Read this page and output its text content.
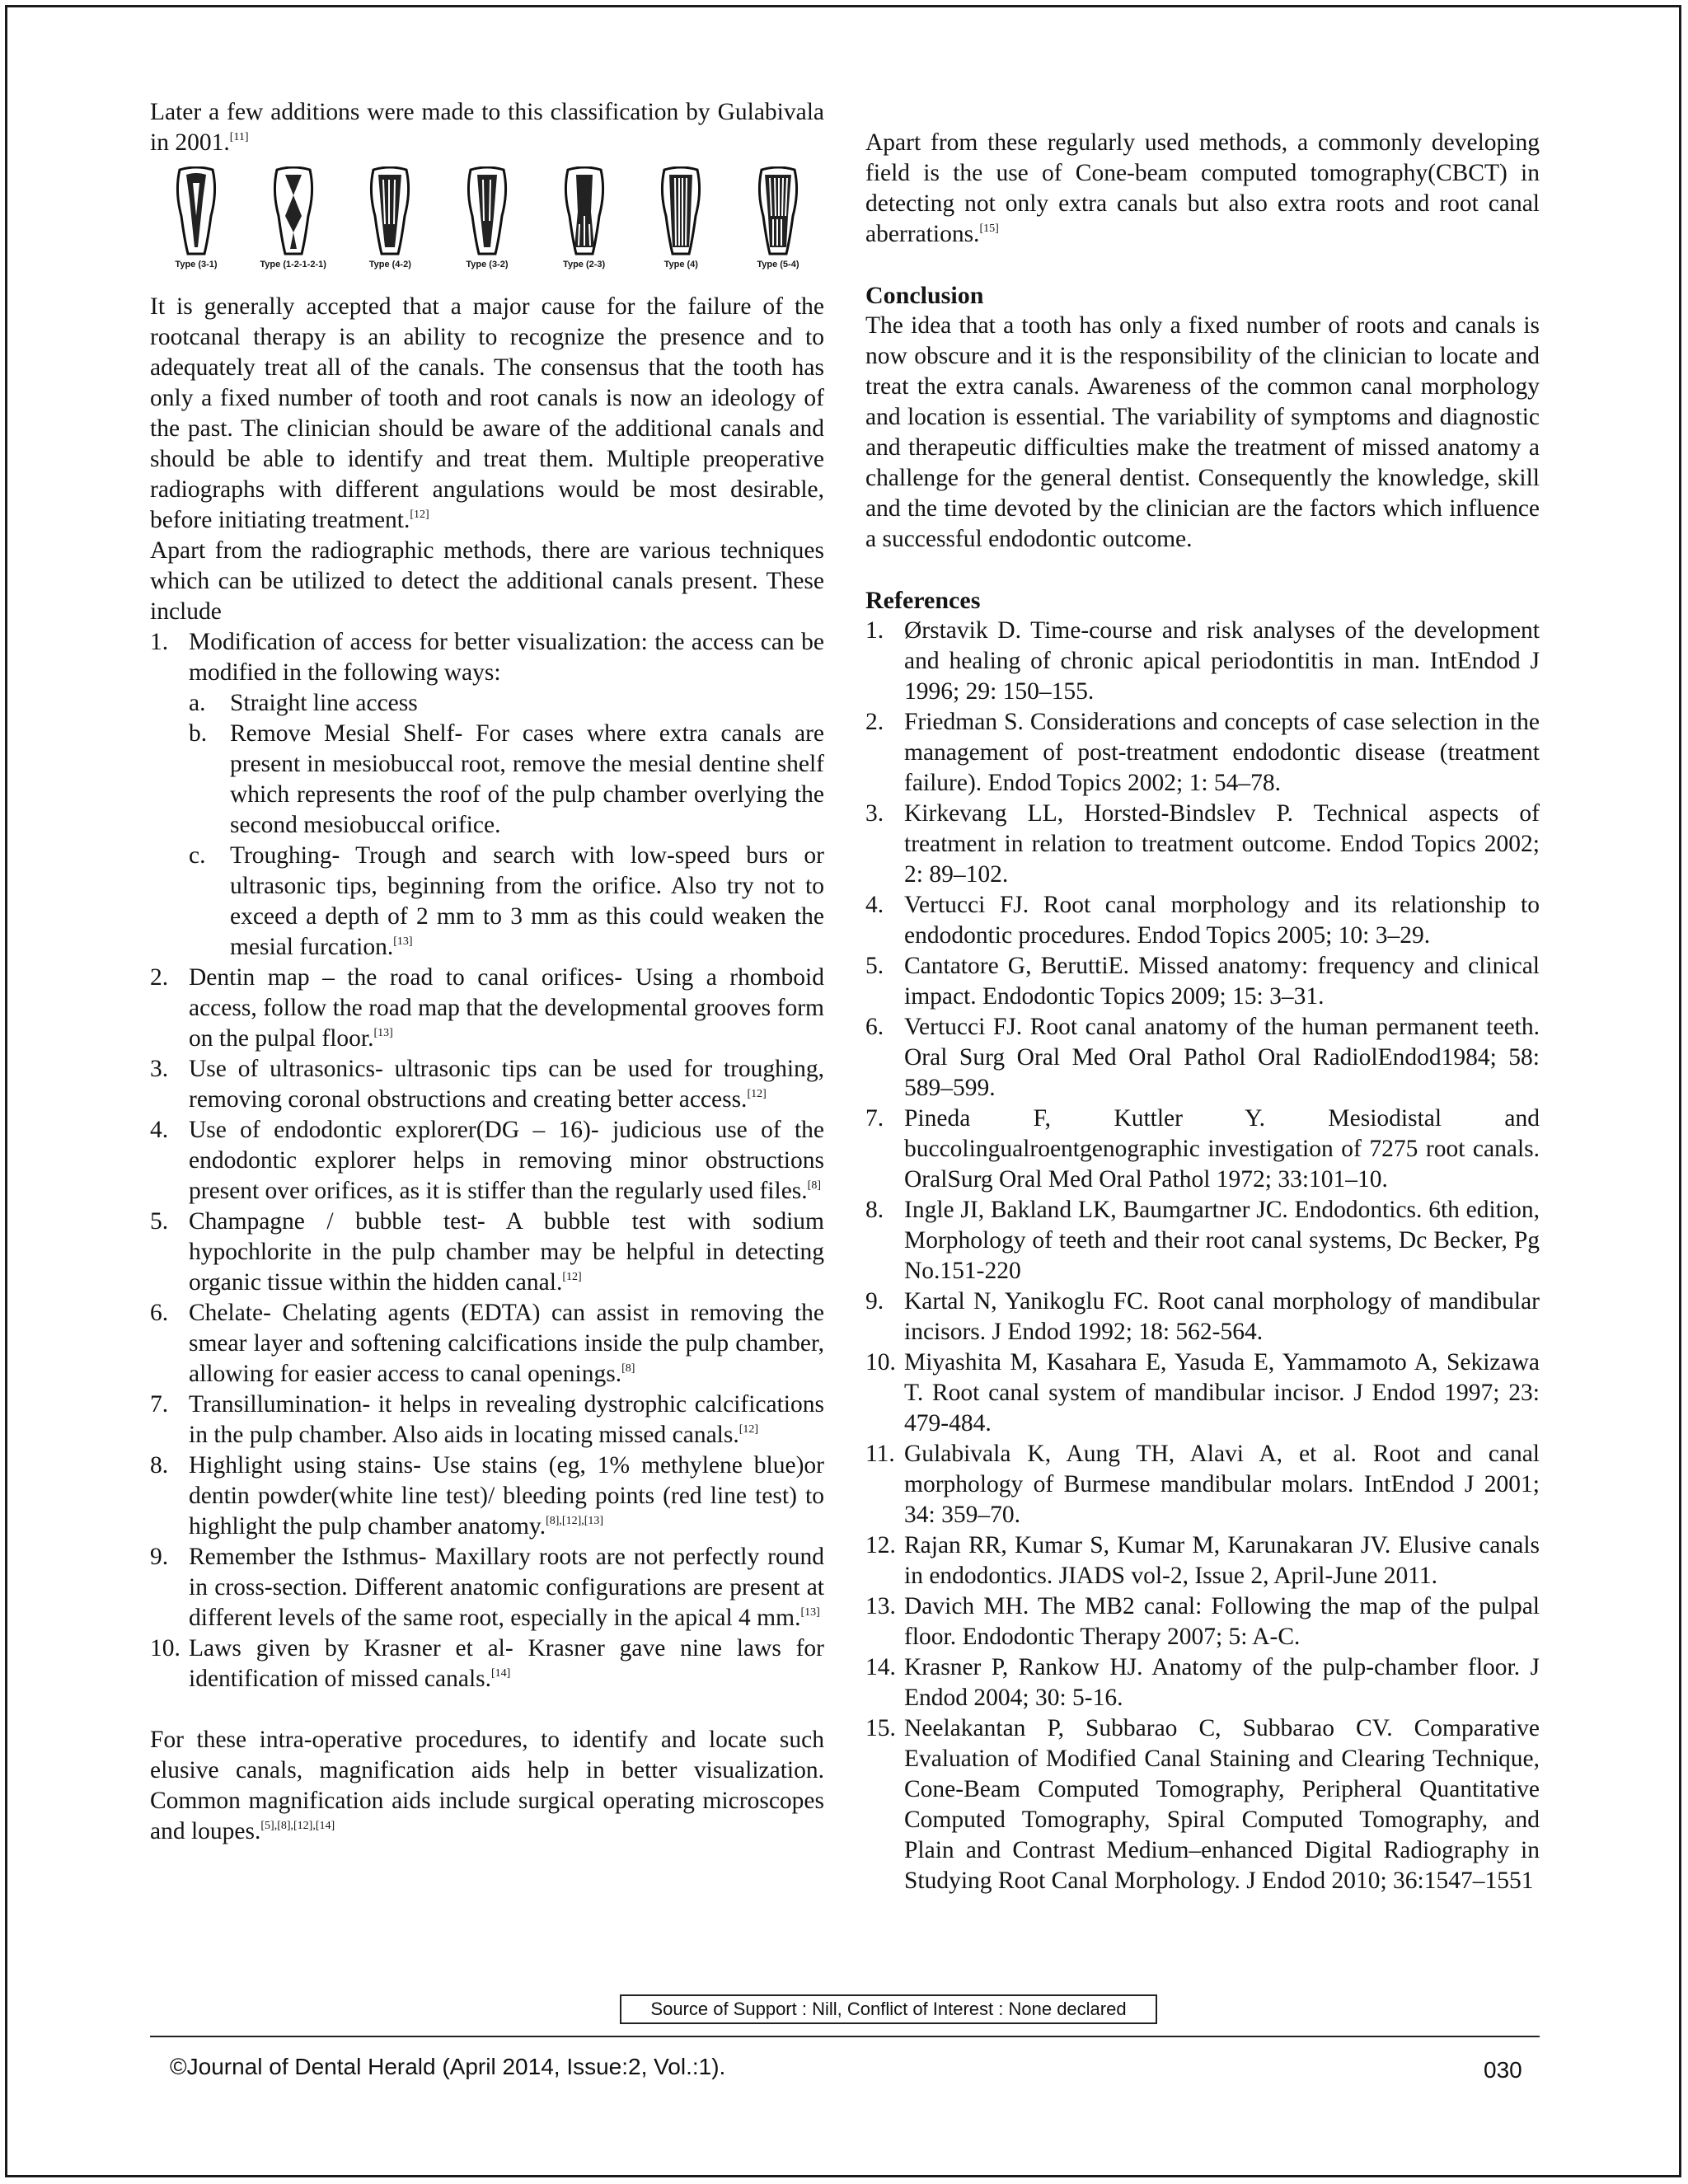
Later a few additions were made to this classification by Gulabivala in 2001.[11]

Type (3-1)	Type (1-2-1-2-1)	Type (4-2)	Type (3-2)	Type (2-3)	Type (4)	Type (5-4)

It is generally accepted that a major cause for the failure of the rootcanal therapy is an ability to recognize the presence and to adequately treat all of the canals. The consensus that the tooth has only a fixed number of tooth and root canals is now an ideology of the past. The clinician should be aware of the additional canals and should be able to identify and treat them. Multiple preoperative radiographs with different angulations would be most desirable, before initiating treatment.[12]

Apart from the radiographic methods, there are various techniques which can be utilized to detect the additional canals present. These include

1. Modification of access for better visualization: the access can be modified in the following ways:
a.	Straight line access
b. Remove Mesial Shelf- For cases where extra canals are present in mesiobuccal root, remove the mesial dentine shelf which represents the roof of the pulp chamber overlying the second mesiobuccal orifice.
c.	Troughing- Trough and search with low-speed burs or ultrasonic tips, beginning from the orifice. Also try not to exceed a depth of 2 mm to 3 mm as this could weaken the mesial furcation.[13]
2. Dentin map – the road to canal orifices- Using a rhomboid access, follow the road map that the developmental grooves form on the pulpal floor.[13]
3. Use of ultrasonics- ultrasonic tips can be used for troughing, removing coronal obstructions and creating better access.[12]
4. Use of endodontic explorer(DG – 16)- judicious use of the endodontic explorer helps in removing minor obstructions present over orifices, as it is stiffer than the regularly used files.[8]
5. Champagne / bubble test- A bubble test with sodium hypochlorite in the pulp chamber may be helpful in detecting organic tissue within the hidden canal.[12]
6. Chelate- Chelating agents (EDTA) can assist in removing the smear layer and softening calcifications inside the pulp chamber, allowing for easier access to canal openings.[8]
7. Transillumination- it helps in revealing dystrophic calcifications in the pulp chamber. Also aids in locating missed canals.[12]
8. Highlight using stains- Use stains (eg, 1% methylene blue)or dentin powder(white line test)/ bleeding points (red line test) to highlight the pulp chamber anatomy.[8],[12],[13]
9. Remember the Isthmus- Maxillary roots are not perfectly round in cross-section. Different anatomic configurations are present at different levels of the same root, especially in the apical 4 mm.[13]
10. Laws given by Krasner et al- Krasner gave nine laws for identification of missed canals.[14]

For these intra-operative procedures, to identify and locate such elusive canals, magnification aids help in better visualization. Common magnification aids include surgical operating microscopes and loupes.[5],[8],[12],[14]

Apart from these regularly used methods, a commonly developing field is the use of Cone-beam computed tomography(CBCT) in detecting not only extra canals but also extra roots and root canal aberrations.[15]

Conclusion

The idea that a tooth has only a fixed number of roots and canals is now obscure and it is the responsibility of the clinician to locate and treat the extra canals. Awareness of the common canal morphology and location is essential. The variability of symptoms and diagnostic and therapeutic difficulties make the treatment of missed anatomy a challenge for the general dentist. Consequently the knowledge, skill and the time devoted by the clinician are the factors which influence a successful endodontic outcome.

References
1. Ørstavik D. Time-course and risk analyses of the development and healing of chronic apical periodontitis in man. IntEndod J 1996; 29: 150–155.
2. Friedman S. Considerations and concepts of case selection in the management of post-treatment endodontic disease (treatment failure). Endod Topics 2002; 1: 54–78.
3. Kirkevang LL, Horsted-Bindslev P. Technical aspects of treatment in relation to treatment outcome. Endod Topics 2002; 2: 89–102.
4. Vertucci FJ. Root canal morphology and its relationship to endodontic procedures. Endod Topics 2005; 10: 3–29.
5. Cantatore G, BeruttiE. Missed anatomy: frequency and clinical impact. Endodontic Topics 2009; 15: 3–31.
6. Vertucci FJ. Root canal anatomy of the human permanent teeth. Oral Surg Oral Med Oral Pathol Oral RadiolEndod1984; 58: 589–599.
7. Pineda F, Kuttler Y. Mesiodistal and buccolingualroentgenographic investigation of 7275 root canals. OralSurg Oral Med Oral Pathol 1972; 33:101–10.
8. Ingle JI, Bakland LK, Baumgartner JC. Endodontics. 6th edition, Morphology of teeth and their root canal systems, Dc Becker, Pg No.151-220
9. Kartal N, Yanikoglu FC. Root canal morphology of mandibular incisors. J Endod 1992; 18: 562-564.
10. Miyashita M, Kasahara E, Yasuda E, Yammamoto A, Sekizawa T. Root canal system of mandibular incisor. J Endod 1997; 23: 479-484.
11. Gulabivala K, Aung TH, Alavi A, et al. Root and canal morphology of Burmese mandibular molars. IntEndod J 2001; 34: 359–70.
12. Rajan RR, Kumar S, Kumar M, Karunakaran JV. Elusive canals in endodontics. JIADS vol-2, Issue 2, April-June 2011.
13. Davich MH. The MB2 canal: Following the map of the pulpal floor. Endodontic Therapy 2007; 5: A-C.
14. Krasner P, Rankow HJ. Anatomy of the pulp-chamber floor. J Endod 2004; 30: 5-16.
15. Neelakantan P, Subbarao C, Subbarao CV. Comparative Evaluation of Modified Canal Staining and Clearing Technique, Cone-Beam Computed Tomography, Peripheral Quantitative Computed Tomography, Spiral Computed Tomography, and Plain and Contrast Medium–enhanced Digital Radiography in Studying Root Canal Morphology. J Endod 2010; 36:1547–1551
Source of Support : Nill, Conflict of Interest : None declared
©Journal of Dental Herald (April 2014, Issue:2, Vol.:1).	030
